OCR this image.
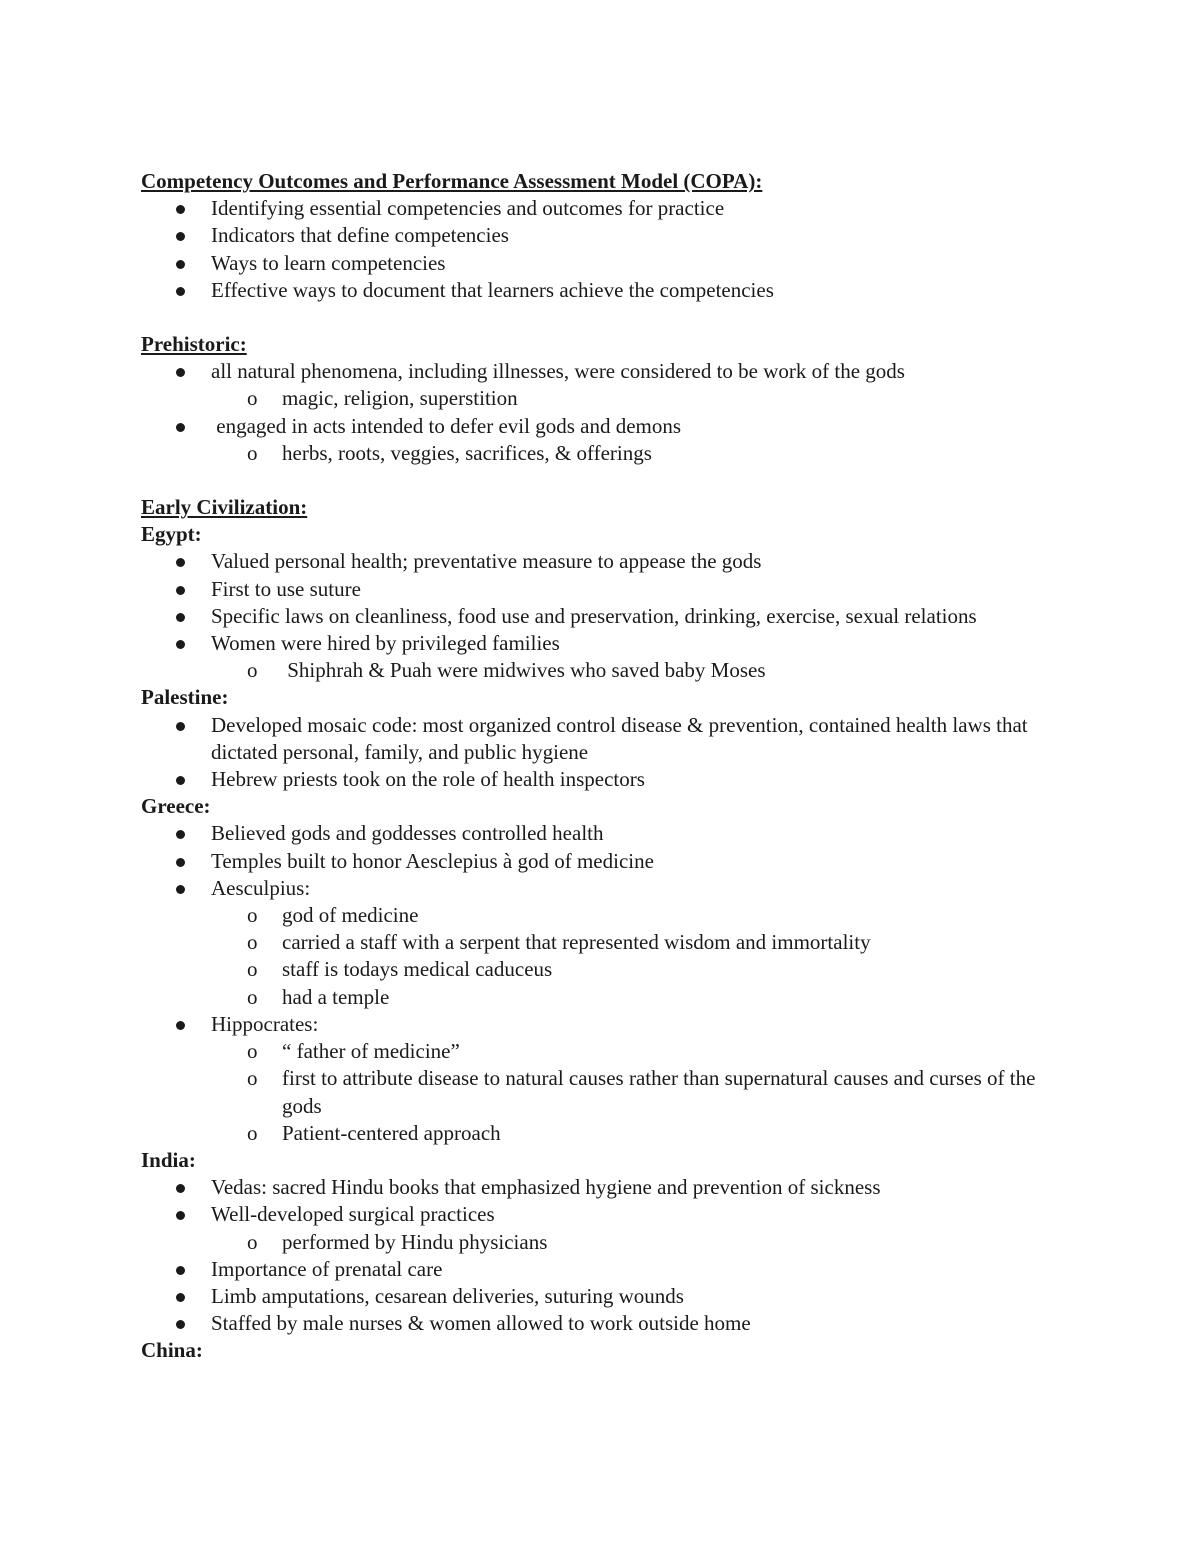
Competency Outcomes and Performance Assessment Model (COPA):

Identifying essential competencies and outcomes for practice
Indicators that define competencies
Ways to learn competencies
Effective ways to document that learners achieve the competencies

Prehistoric:

all natural phenomena, including illnesses, were considered to be work of the gods
o magic, religion, superstition
engaged in acts intended to defer evil gods and demons
o herbs, roots, veggies, sacrifices, & offerings

Early Civilization:

Egypt:

Valued personal health; preventative measure to appease the gods
First to use suture
Specific laws on cleanliness, food use and preservation, drinking, exercise, sexual relations
Women were hired by privileged families
o Shiphrah & Puah were midwives who saved baby Moses

Palestine:

Developed mosaic code: most organized control disease & prevention, contained health laws that dictated personal, family, and public hygiene
Hebrew priests took on the role of health inspectors

Greece:

Believed gods and goddesses controlled health
Temples built to honor Aesclepius à god of medicine
Aesculpius:
o god of medicine
o carried a staff with a serpent that represented wisdom and immortality
o staff is todays medical caduceus
o had a temple
Hippocrates:
o “ father of medicine”
o first to attribute disease to natural causes rather than supernatural causes and curses of the gods
o Patient-centered approach

India:

Vedas: sacred Hindu books that emphasized hygiene and prevention of sickness
Well-developed surgical practices
o performed by Hindu physicians
Importance of prenatal care
Limb amputations, cesarean deliveries, suturing wounds
Staffed by male nurses & women allowed to work outside home

China:
